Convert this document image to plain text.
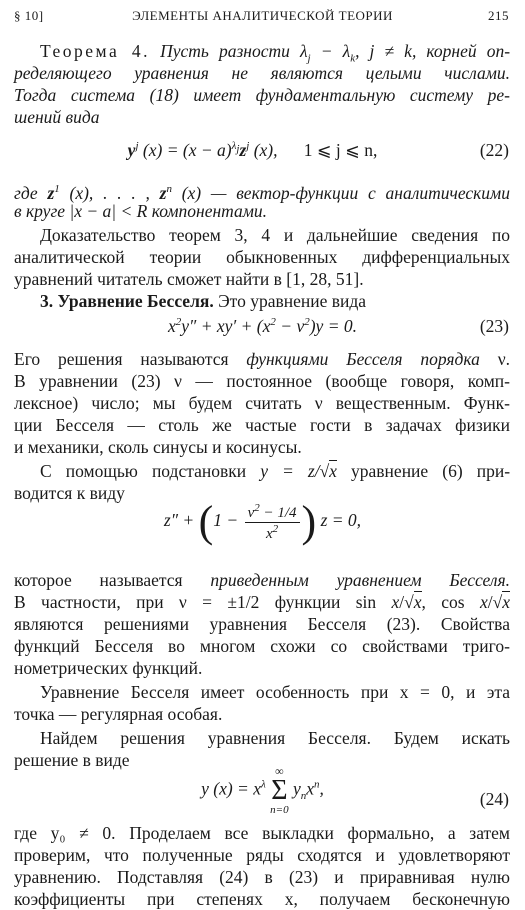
§ 10]	ЭЛЕМЕНТЫ АНАЛИТИЧЕСКОЙ ТЕОРИИ	215
Теорема 4. Пусть разности $\lambda_j - \lambda_k$, j ≠ k, корней оп-
ределяющего уравнения не являются целыми числами.
Тогда система (18) имеет фундаментальную систему ре-
шений вида
$y^j$ $(x) = (x - a)^{\lambda_j}z^j$ (x),      1 ⩽ j ⩽ n,	(22)
где $z^1$ (x), . . . , $z^n$ (x) — вектор-функции с аналитическими
в круге |x − a| < R компонентами.
Доказательство теорем 3, 4 и дальнейшие сведения по
аналитической теории обыкновенных дифференциальных
уравнений читатель сможет найти в [1, 28, 51].
3. Уравнение Бесселя. Это уравнение вида
$x^2y'' + xy' + (x^2 - \nu^2)y = 0$.	(23)
Его решения называются функциями Бесселя порядка ν.
В уравнении (23) ν — постоянное (вообще говоря, комп-
лексное) число; мы будем считать ν вещественным. Функ-
ции Бесселя — столь же частые гости в задачах физики
и механики, сколь синусы и косинусы.
С помощью подстановки y = z/√x уравнение (6) при-
водится к виду
$z'' + (1 - \frac{\nu^2 - 1/4}{x^2}$ ) z = 0,
которое называется приведенным уравнением Бесселя.
В частности, при ν = ±1/2 функции sin x/√x, cos x/√x
являются решениями уравнения Бесселя (23). Свойства
функций Бесселя во многом схожи со свойствами триго-
нометрических функций.
Уравнение Бесселя имеет особенность при x = 0, и эта
точка — регулярная особая.
Найдем решения уравнения Бесселя. Будем искать
решение в виде
y $(x) = x^\lambda$
∞
Σ
n=0
$y_nx^n$,
(24)
где y₀ ≠ 0. Проделаем все выкладки формально, а затем
проверим, что полученные ряды сходятся и удовлетворяют
уравнению. Подставляя (24) в (23) и приравнивая нулю
коэффициенты при степенях x, получаем бесконечную
